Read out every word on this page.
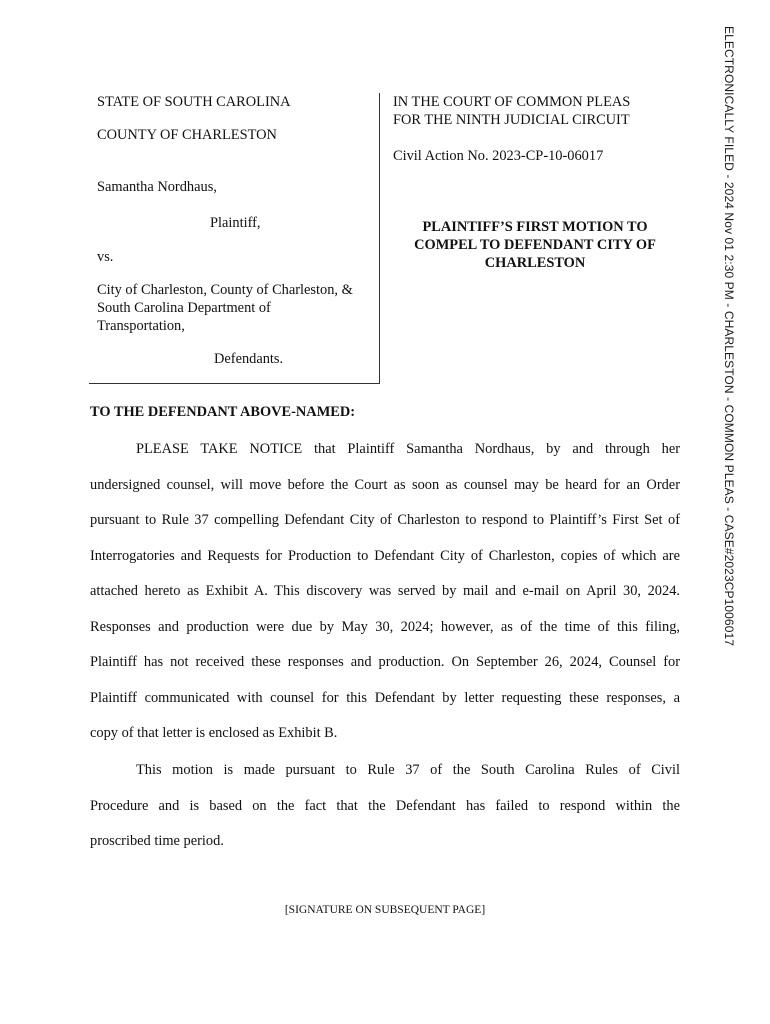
ELECTRONICALLY FILED - 2024 Nov 01 2:30 PM - CHARLESTON - COMMON PLEAS - CASE#2023CP1006017
STATE OF SOUTH CAROLINA
COUNTY OF CHARLESTON
Samantha Nordhaus,
Plaintiff,
vs.
City of Charleston, County of Charleston, &
South Carolina Department of
Transportation,
Defendants.
IN THE COURT OF COMMON PLEAS
FOR THE NINTH JUDICIAL CIRCUIT
Civil Action No. 2023-CP-10-06017
PLAINTIFF’S FIRST MOTION TO
COMPEL TO DEFENDANT CITY OF
CHARLESTON
TO THE DEFENDANT ABOVE-NAMED:
PLEASE TAKE NOTICE that Plaintiff Samantha Nordhaus, by and through her
undersigned counsel, will move before the Court as soon as counsel may be heard for an Order
pursuant to Rule 37 compelling Defendant City of Charleston to respond to Plaintiff’s First Set of
Interrogatories and Requests for Production to Defendant City of Charleston, copies of which are
attached hereto as Exhibit A. This discovery was served by mail and e-mail on April 30, 2024.
Responses and production were due by May 30, 2024; however, as of the time of this filing,
Plaintiff has not received these responses and production. On September 26, 2024, Counsel for
Plaintiff communicated with counsel for this Defendant by letter requesting these responses, a
copy of that letter is enclosed as Exhibit B.
This motion is made pursuant to Rule 37 of the South Carolina Rules of Civil
Procedure and is based on the fact that the Defendant has failed to respond within the
proscribed time period.
[SIGNATURE ON SUBSEQUENT PAGE]
